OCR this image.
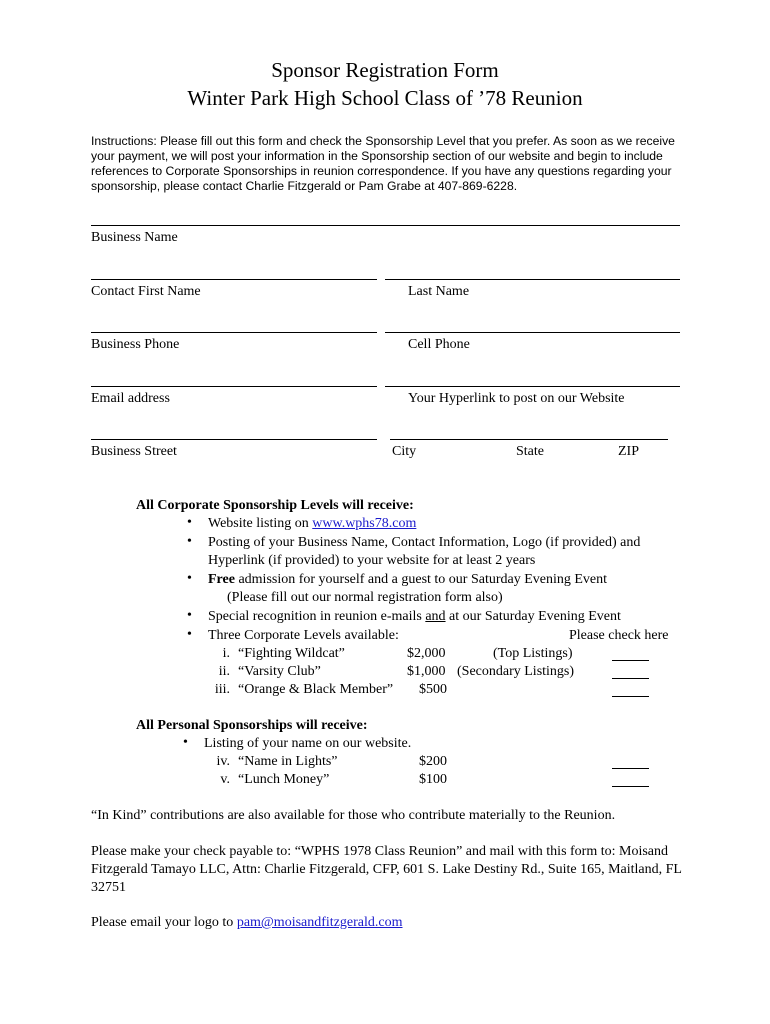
Sponsor Registration Form
Winter Park High School Class of ’78 Reunion
Instructions: Please fill out this form and check the Sponsorship Level that you prefer. As soon as we receive your payment, we will post your information in the Sponsorship section of our website and begin to include references to Corporate Sponsorships in reunion correspondence. If you have any questions regarding your sponsorship, please contact Charlie Fitzgerald or Pam Grabe at 407-869-6228.
Business Name
Contact First Name	Last Name
Business Phone	Cell Phone
Email address	Your Hyperlink to post on our Website
Business Street	City	State	ZIP
All Corporate Sponsorship Levels will receive:
• Website listing on www.wphs78.com
• Posting of your Business Name, Contact Information, Logo (if provided) and
Hyperlink (if provided) to your website for at least 2 years
• Free admission for yourself and a guest to our Saturday Evening Event
(Please fill out our normal registration form also)
• Special recognition in reunion e-mails and at our Saturday Evening Event
• Three Corporate Levels available:	Please check here
i. “Fighting Wildcat”	$2,000	(Top Listings)
ii. “Varsity Club”	$1,000 (Secondary Listings)
iii. “Orange & Black Member” $500
All Personal Sponsorships will receive:
• Listing of your name on our website.
iv. “Name in Lights”	$200
v. “Lunch Money”	$100
“In Kind” contributions are also available for those who contribute materially to the Reunion.
Please make your check payable to: “WPHS 1978 Class Reunion” and mail with this form to: Moisand Fitzgerald Tamayo LLC, Attn: Charlie Fitzgerald, CFP, 601 S. Lake Destiny Rd., Suite 165, Maitland, FL 32751
Please email your logo to pam@moisandfitzgerald.com
